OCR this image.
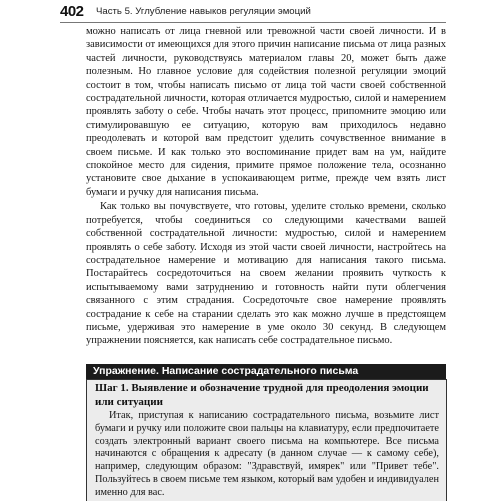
402 Часть 5. Углубление навыков регуляции эмоций

можно написать от лица гневной или тревожной части своей личности. И в зависимости от имеющихся для этого причин написание письма от лица разных частей личности, руководствуясь материалом главы 20, может быть даже полезным. Но главное условие для содействия полезной регуляции эмоций состоит в том, чтобы написать письмо от лица той части своей собственной сострадательной личности, которая отличается мудростью, силой и намерением проявлять заботу о себе. Чтобы начать этот процесс, припомните эмоцию или стимулировавшую ее ситуацию, которую вам приходилось недавно преодолевать и которой вам предстоит уделить сочувственное внимание в своем письме. И как только это воспоминание придет вам на ум, найдите спокойное место для сидения, примите прямое положение тела, осознанно установите свое дыхание в успокаивающем ритме, прежде чем взять лист бумаги и ручку для написания письма.

Как только вы почувствуете, что готовы, уделите столько времени, сколько потребуется, чтобы соединиться со следующими качествами вашей собственной сострадательной личности: мудростью, силой и намерением проявлять о себе заботу. Исходя из этой части своей личности, настройтесь на сострадательное намерение и мотивацию для написания такого письма. Постарайтесь сосредоточиться на своем желании проявить чуткость к испытываемому вами затруднению и готовность найти пути облегчения связанного с этим страдания. Сосредоточьте свое намерение проявлять сострадание к себе на старании сделать это как можно лучше в предстоящем письме, удерживая это намерение в уме около 30 секунд. В следующем упражнении поясняется, как написать себе сострадательное письмо.

Упражнение. Написание сострадательного письма
Шаг 1. Выявление и обозначение трудной для преодоления эмоции или ситуации

Итак, приступая к написанию сострадательного письма, возьмите лист бумаги и ручку или положите свои пальцы на клавиатуру, если предпочитаете создать электронный вариант своего письма на компьютере. Все письма начинаются с обращения к адресату (в данном случае — к самому себе), например, следующим образом: "Здравствуй, имярек" или "Привет тебе". Пользуйтесь в своем письме тем языком, который вам удобен и индивидуален именно для вас.
